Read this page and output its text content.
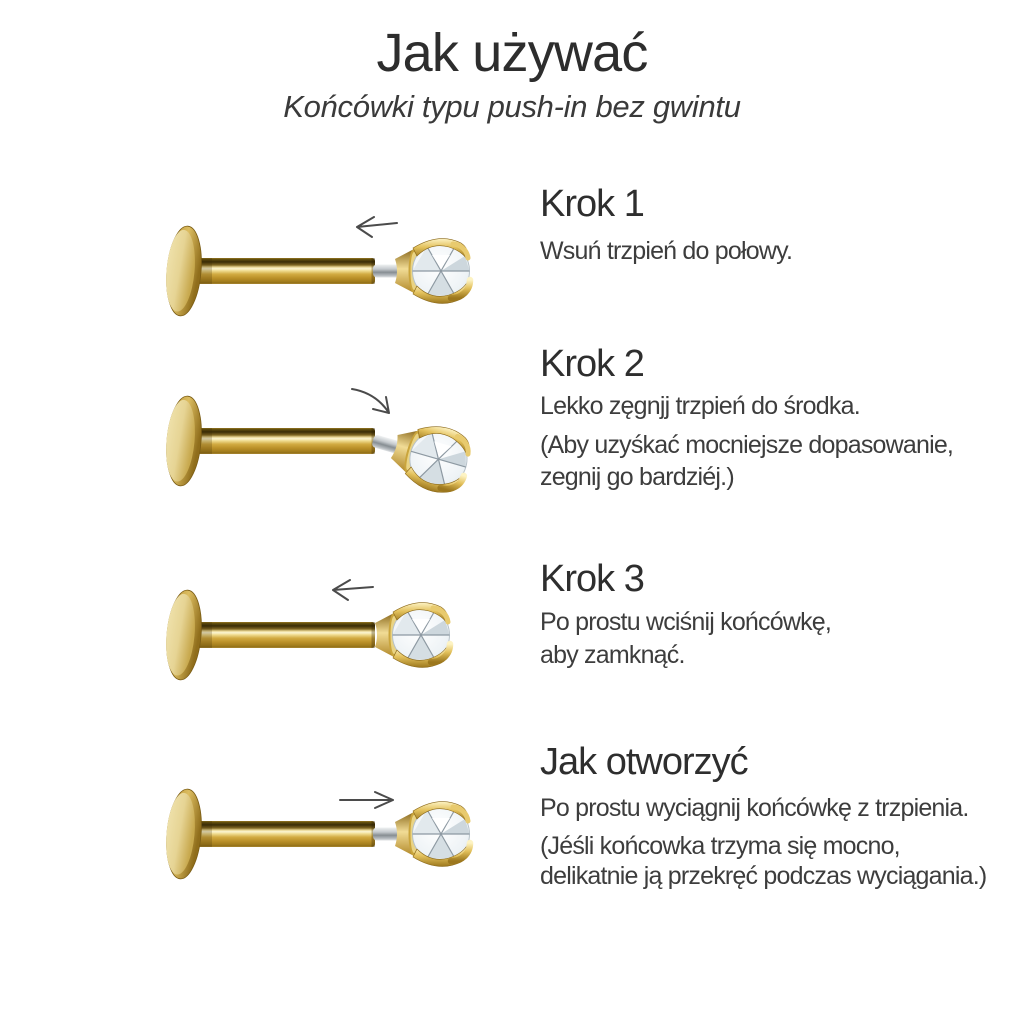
Jak używać
Końcówki typu push-in bez gwintu
Krok 1
Wsuń trzpień do połowy.
Krok 2
Lekko zęgnjj trzpień do środka.
(Aby uzyśkać mocniejsze dopasowanie,
zegnij go bardziéj.)
Krok 3
Po prostu wciśnij końcówkę,
aby zamknąć.
Jak otworzyć
Po prostu wyciągnij końcówkę z trzpienia.
(Jéśli końcowka trzyma się mocno,
delikatnie ją przekręć podczas wyciągania.)
